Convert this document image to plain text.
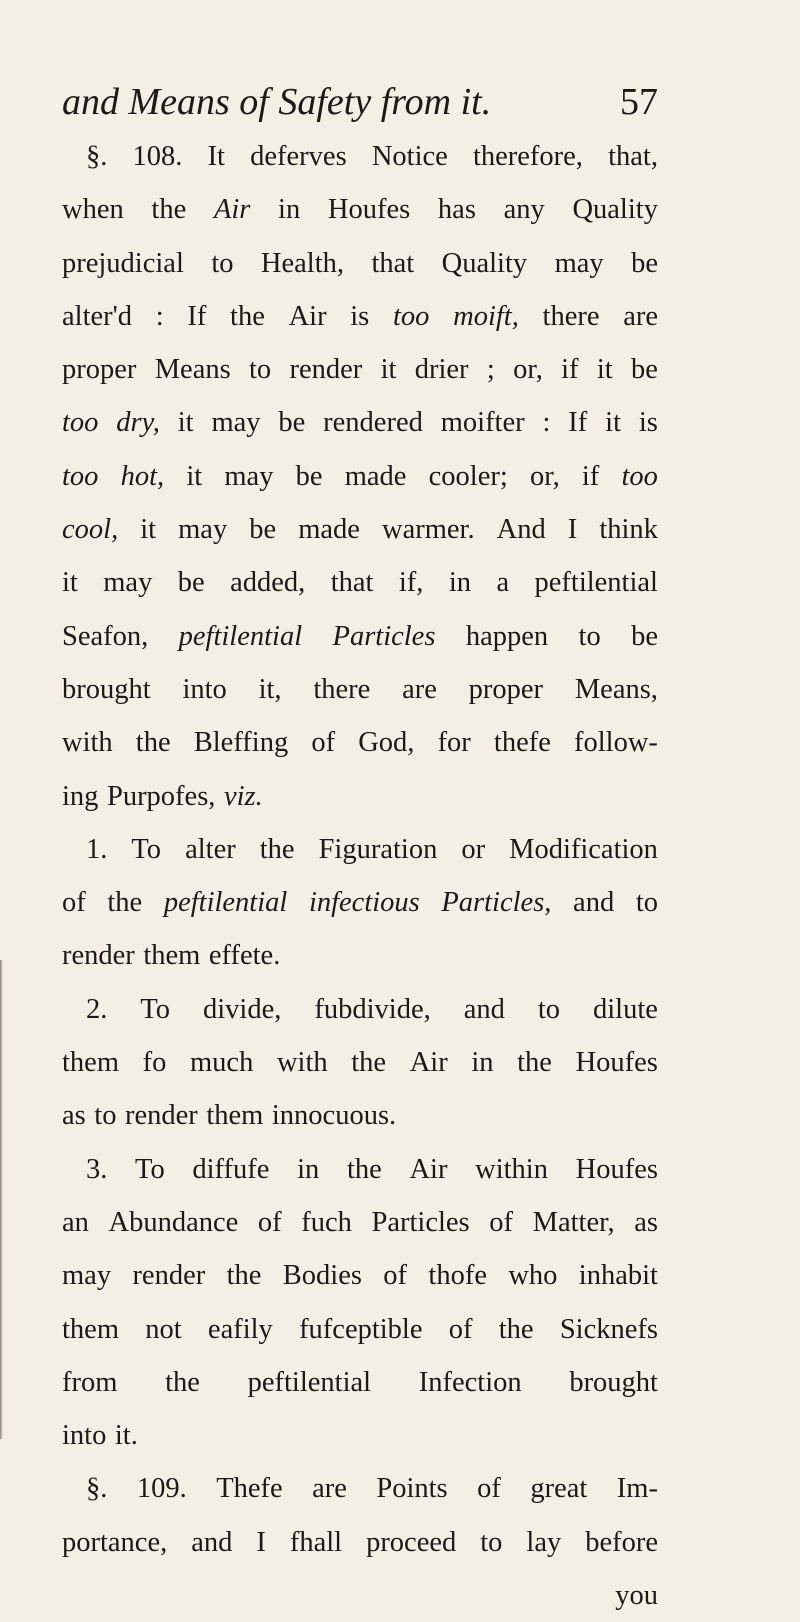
and Means of Safety from it.	57
§. 108. It deferves Notice therefore, that,
when the Air in Houfes has any Quality
prejudicial to Health, that Quality may be
alter'd : If the Air is too moift, there are
proper Means to render it drier ; or, if it be
too dry, it may be rendered moifter : If it is
too hot, it may be made cooler; or, if too
cool, it may be made warmer. And I think
it may be added, that if, in a peftilential
Seafon, peftilential Particles happen to be
brought into it, there are proper Means,
with the Bleffing of God, for thefe follow-
ing Purpofes, viz.
1. To alter the Figuration or Modification
of the peftilential infectious Particles, and to
render them effete.
2. To divide, fubdivide, and to dilute
them fo much with the Air in the Houfes
as to render them innocuous.
3. To diffufe in the Air within Houfes
an Abundance of fuch Particles of Matter, as
may render the Bodies of thofe who inhabit
them not eafily fufceptible of the Sicknefs
from the peftilential Infection brought
into it.
§. 109. Thefe are Points of great Im-
portance, and I fhall proceed to lay before
you
